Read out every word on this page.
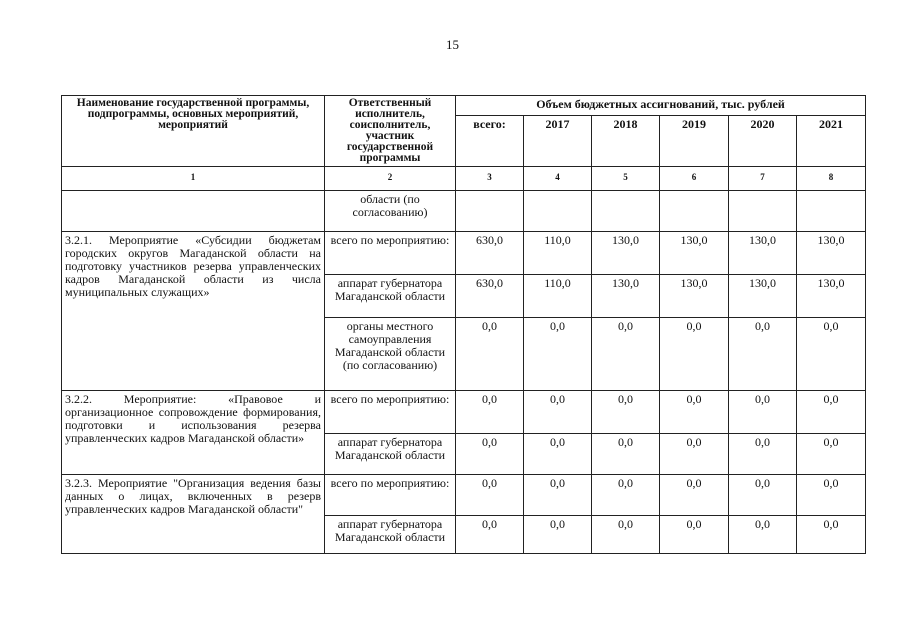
15
Наименование государственной программы, подпрограммы, основных мероприятий, мероприятий	Ответственный исполнитель, соисполнитель, участник государственной программы	Объем бюджетных ассигнований, тыс. рублей					
		всего:	2017	2018	2019	2020	2021
1	2	3	4	5	6	7	8
	области (по согласованию)						
3.2.1. Мероприятие «Субсидии бюджетам городских округов Магаданской области на подготовку участников резерва управленческих кадров Магаданской области из числа муниципальных служащих»	всего по мероприятию:	630,0	110,0	130,0	130,0	130,0	130,0
	аппарат губернатора Магаданской области	630,0	110,0	130,0	130,0	130,0	130,0
	органы местного самоуправления Магаданской области (по согласованию)	0,0	0,0	0,0	0,0	0,0	0,0
3.2.2. Мероприятие: «Правовое и организационное сопровождение формирования, подготовки и использования резерва управленческих кадров Магаданской области»	всего по мероприятию:	0,0	0,0	0,0	0,0	0,0	0,0
	аппарат губернатора Магаданской области	0,0	0,0	0,0	0,0	0,0	0,0
3.2.3. Мероприятие "Организация ведения базы данных о лицах, включенных в резерв управленческих кадров Магаданской области"	всего по мероприятию:	0,0	0,0	0,0	0,0	0,0	0,0
	аппарат губернатора Магаданской области	0,0	0,0	0,0	0,0	0,0	0,0
